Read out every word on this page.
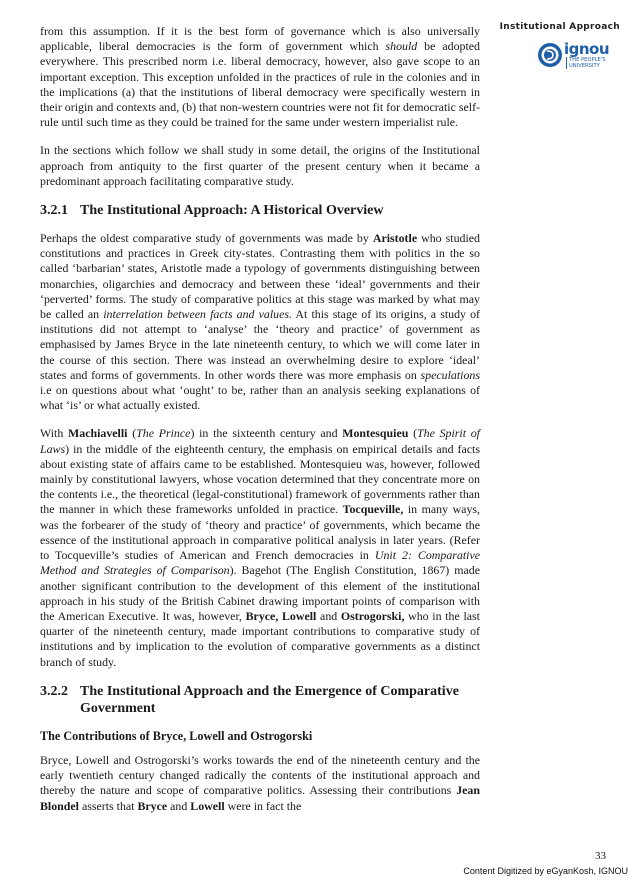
Institutional Approach
ignou
THE PEOPLE'S
UNIVERSITY

from this assumption. If it is the best form of governance which is also universally applicable, liberal democracies is the form of government which should be adopted everywhere. This prescribed norm i.e. liberal democracy, however, also gave scope to an important exception. This exception unfolded in the practices of rule in the colonies and in the implications (a) that the institutions of liberal democracy were specifically western in their origin and contexts and, (b) that non-western countries were not fit for democratic self-rule until such time as they could be trained for the same under western imperialist rule.

In the sections which follow we shall study in some detail, the origins of the Institutional approach from antiquity to the first quarter of the present century when it became a predominant approach facilitating comparative study.

3.2.1 The Institutional Approach: A Historical Overview

Perhaps the oldest comparative study of governments was made by Aristotle who studied constitutions and practices in Greek city-states. Contrasting them with politics in the so called ‘barbarian’ states, Aristotle made a typology of governments distinguishing between monarchies, oligarchies and democracy and between these ‘ideal’ governments and their ‘perverted’ forms. The study of comparative politics at this stage was marked by what may be called an interrelation between facts and values. At this stage of its origins, a study of institutions did not attempt to ‘analyse’ the ‘theory and practice’ of government as emphasised by James Bryce in the late nineteenth century, to which we will come later in the course of this section. There was instead an overwhelming desire to explore ‘ideal’ states and forms of governments. In other words there was more emphasis on speculations i.e on questions about what ‘ought’ to be, rather than an analysis seeking explanations of what ‘is’ or what actually existed.

With Machiavelli (The Prince) in the sixteenth century and Montesquieu (The Spirit of Laws) in the middle of the eighteenth century, the emphasis on empirical details and facts about existing state of affairs came to be established. Montesquieu was, however, followed mainly by constitutional lawyers, whose vocation determined that they concentrate more on the contents i.e., the theoretical (legal-constitutional) framework of governments rather than the manner in which these frameworks unfolded in practice. Tocqueville, in many ways, was the forbearer of the study of ‘theory and practice’ of governments, which became the essence of the institutional approach in comparative political analysis in later years. (Refer to Tocqueville’s studies of American and French democracies in Unit 2: Comparative Method and Strategies of Comparison). Bagehot (The English Constitution, 1867) made another significant contribution to the development of this element of the institutional approach in his study of the British Cabinet drawing important points of comparison with the American Executive. It was, however, Bryce, Lowell and Ostrogorski, who in the last quarter of the nineteenth century, made important contributions to comparative study of institutions and by implication to the evolution of comparative governments as a distinct branch of study.

3.2.2 The Institutional Approach and the Emergence of Comparative
Government
The Contributions of Bryce, Lowell and Ostrogorski

Bryce, Lowell and Ostrogorski’s works towards the end of the nineteenth century and the early twentieth century changed radically the contents of the institutional approach and thereby the nature and scope of comparative politics. Assessing their contributions Jean Blondel asserts that Bryce and Lowell were in fact the

33
Content Digitized by eGyanKosh, IGNOU
